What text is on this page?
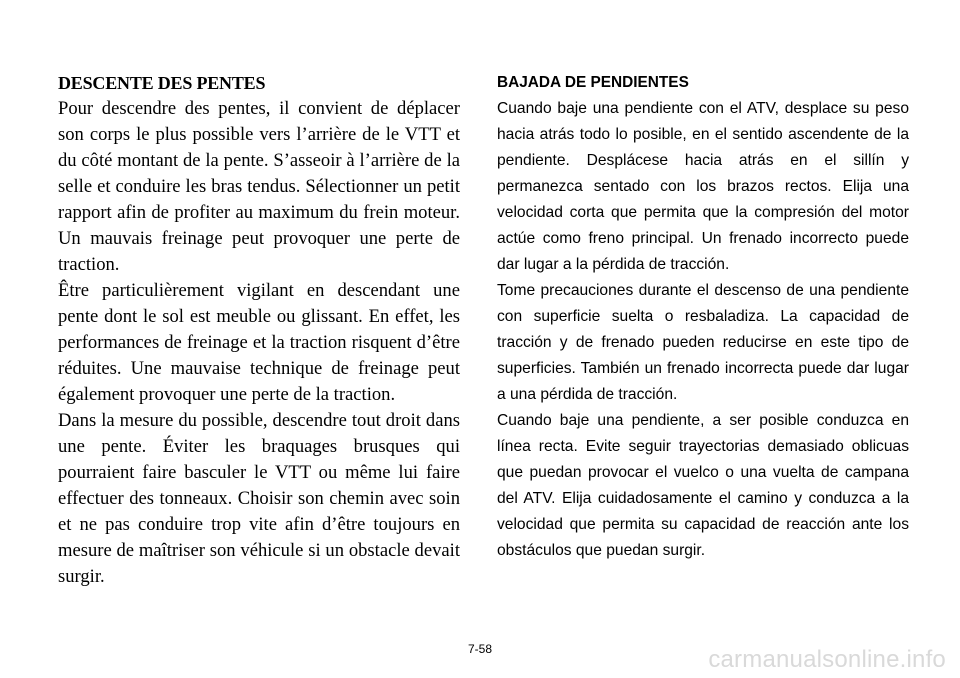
DESCENTE DES PENTES

Pour descendre des pentes, il convient de déplacer son corps le plus possible vers l’arrière de le VTT et du côté montant de la pente. S’asseoir à l’arrière de la selle et conduire les bras tendus. Sélectionner un petit rapport afin de profiter au maximum du frein moteur. Un mauvais freinage peut provoquer une perte de traction.

Être particulièrement vigilant en descendant une pente dont le sol est meuble ou glissant. En effet, les performances de freinage et la traction risquent d’être réduites. Une mauvaise technique de freinage peut également provoquer une perte de la traction.

Dans la mesure du possible, descendre tout droit dans une pente. Éviter les braquages brusques qui pourraient faire basculer le VTT ou même lui faire effectuer des tonneaux. Choisir son chemin avec soin et ne pas conduire trop vite afin d’être toujours en mesure de maîtriser son véhicule si un obstacle devait surgir.

BAJADA DE PENDIENTES

Cuando baje una pendiente con el ATV, desplace su peso hacia atrás todo lo posible, en el sentido ascendente de la pendiente. Desplácese hacia atrás en el sillín y permanezca sentado con los brazos rectos. Elija una velocidad corta que permita que la compresión del motor actúe como freno principal. Un frenado incorrecto puede dar lugar a la pérdida de tracción.

Tome precauciones durante el descenso de una pendiente con superficie suelta o resbaladiza. La capacidad de tracción y de frenado pueden reducirse en este tipo de superficies. También un frenado incorrecta puede dar lugar a una pérdida de tracción.

Cuando baje una pendiente, a ser posible conduzca en línea recta. Evite seguir trayectorias demasiado oblicuas que puedan provocar el vuelco o una vuelta de campana del ATV. Elija cuidadosamente el camino y conduzca a la velocidad que permita su capacidad de reacción ante los obstáculos que puedan surgir.

7-58	carmanualsonline.info
